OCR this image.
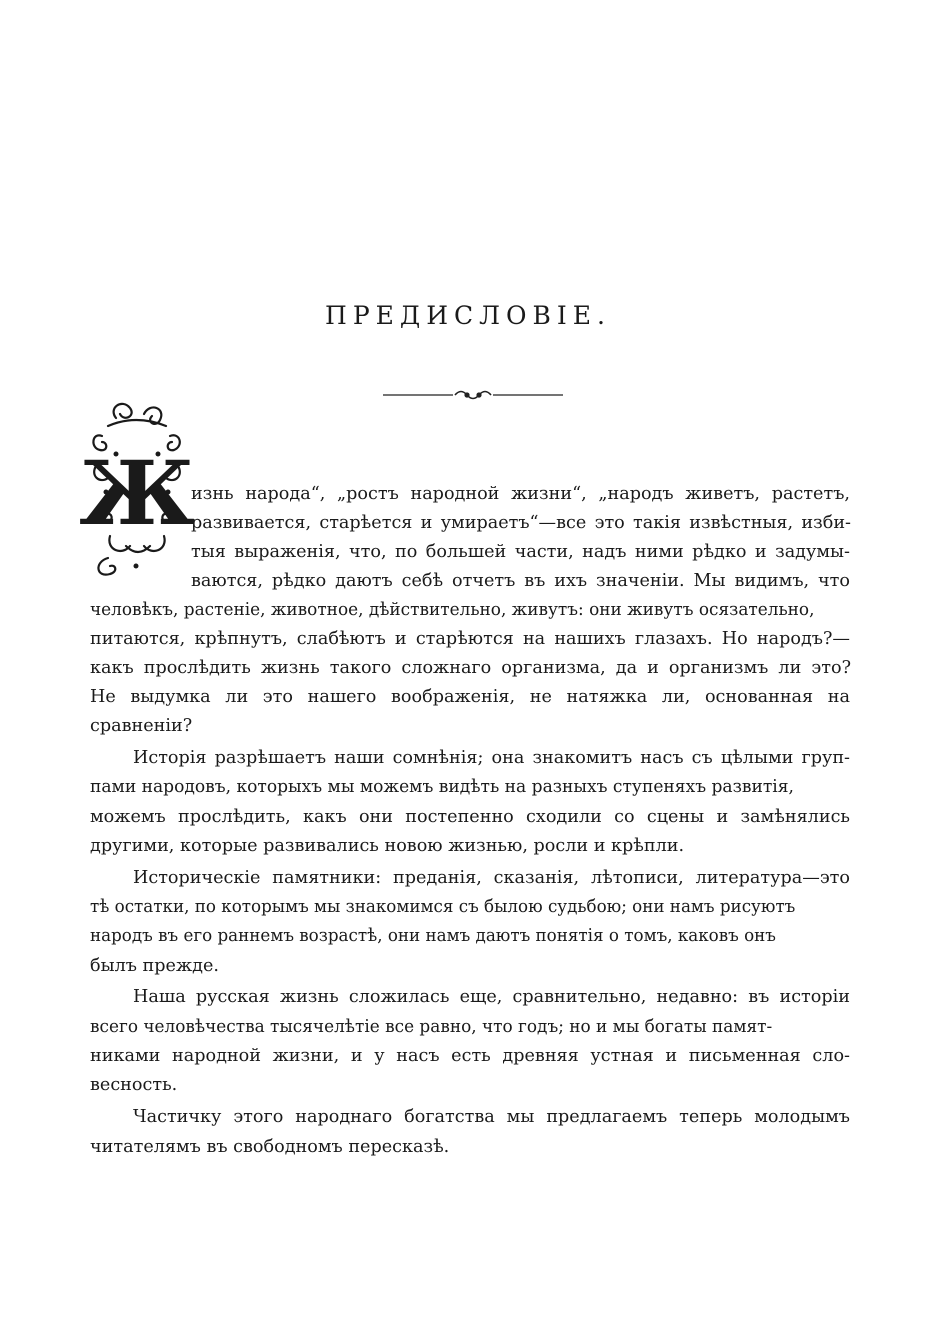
ПРЕДИСЛОВIЕ.
Ж
изнь народа“, „ростъ народной жизни“, „народъ живетъ, растетъ,
развивается, старѣется и умираетъ“—все это такiя извѣстныя, изби-
тыя выраженiя, что, по большей части, надъ ними рѣдко и задумы-
ваются, рѣдко даютъ себѣ отчетъ въ ихъ значенiи. Мы видимъ, что
человѣкъ, растенiе, животное, дѣйствительно, живутъ: они живутъ осязательно,
питаются, крѣпнутъ, слабѣютъ и старѣются на нашихъ глазахъ. Но народъ?—
какъ прослѣдить жизнь такого сложнаго организма, да и организмъ ли это?
Не выдумка ли это нашего воображенiя, не натяжка ли, основанная на
сравненiи?
Исторiя разрѣшаетъ наши сомнѣнiя; она знакомитъ насъ съ цѣлыми груп-
пами народовъ, которыхъ мы можемъ видѣть на разныхъ ступеняхъ развитiя,
можемъ прослѣдить, какъ они постепенно сходили со сцены и замѣнялись
другими, которые развивались новою жизнью, росли и крѣпли.
Историческiе памятники: преданiя, сказанiя, лѣтописи, литература—это
тѣ остатки, по которымъ мы знакомимся съ былою судьбою; они намъ рисуютъ
народъ въ его раннемъ возрастѣ, они намъ даютъ понятiя о томъ, каковъ онъ
былъ прежде.
Наша русская жизнь сложилась еще, сравнительно, недавно: въ исторiи
всего человѣчества тысячелѣтiе все равно, что годъ; но и мы богаты памят-
никами народной жизни, и у насъ есть древняя устная и письменная сло-
весность.
Частичку этого народнаго богатства мы предлагаемъ теперь молодымъ
читателямъ въ свободномъ пересказѣ.
